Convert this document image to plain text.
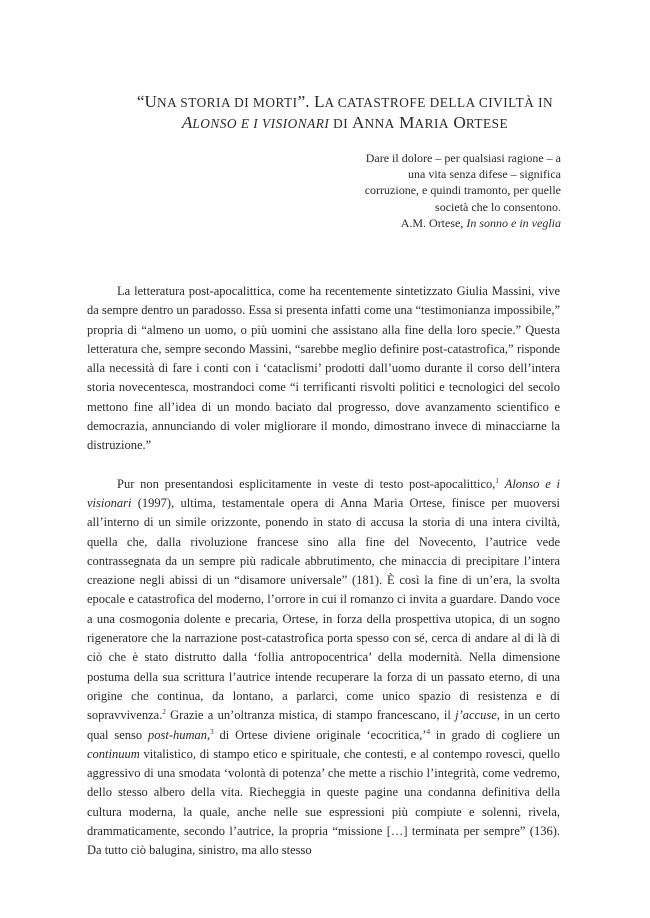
“UNA STORIA DI MORTI”. LA CATASTROFE DELLA CIVILTÀ IN
ALONSO E I VISIONARI DI ANNA MARIA ORTESE

Dare il dolore – per qualsiasi ragione – a una vita senza difese – significa corruzione, e quindi tramonto, per quelle società che lo consentono.

A.M. Ortese, In sonno e in veglia

La letteratura post-apocalittica, come ha recentemente sintetizzato Giulia Massini, vive da sempre dentro un paradosso. Essa si presenta infatti come una “testimonianza impossibile,” propria di “almeno un uomo, o più uomini che assistano alla fine della loro specie.” Questa letteratura che, sempre secondo Massini, “sarebbe meglio definire post-catastrofica,” risponde alla necessità di fare i conti con i ‘cataclismi’ prodotti dall’uomo durante il corso dell’intera storia novecentesca, mostrandoci come “i terrificanti risvolti politici e tecnologici del secolo mettono fine all’idea di un mondo baciato dal progresso, dove avanzamento scientifico e democrazia, annunciando di voler migliorare il mondo, dimostrano invece di minacciarne la distruzione.”

Pur non presentandosi esplicitamente in veste di testo post-apocalittico,$^1$ Alonso e i visionari (1997), ultima, testamentale opera di Anna Maria Ortese, finisce per muoversi all’interno di un simile orizzonte, ponendo in stato di accusa la storia di una intera civiltà, quella che, dalla rivoluzione francese sino alla fine del Novecento, l’autrice vede contrassegnata da un sempre più radicale abbrutimento, che minaccia di precipitare l’intera creazione negli abissi di un “disamore universale” (181). È così la fine di un’era, la svolta epocale e catastrofica del moderno, l’orrore in cui il romanzo ci invita a guardare. Dando voce a una cosmogonia dolente e precaria, Ortese, in forza della prospettiva utopica, di un sogno rigeneratore che la narrazione post-catastrofica porta spesso con sé, cerca di andare al di là di ciò che è stato distrutto dalla ‘follia antropocentrica’ della modernità. Nella dimensione postuma della sua scrittura l’autrice intende recuperare la forza di un passato eterno, di una origine che continua, da lontano, a parlarci, come unico spazio di resistenza e di sopravvivenza.$^2$ Grazie a un’oltranza mistica, di stampo francescano, il j’accuse, in un certo qual senso post-human,$^3$ di Ortese diviene originale ‘ecocritica,’$^4$ in grado di cogliere un continuum vitalistico, di stampo etico e spirituale, che contesti, e al contempo rovesci, quello aggressivo di una smodata ‘volontà di potenza’ che mette a rischio l’integrità, come vedremo, dello stesso albero della vita. Riecheggia in queste pagine una condanna definitiva della cultura moderna, la quale, anche nelle sue espressioni più compiute e solenni, rivela, drammaticamente, secondo l’autrice, la propria “missione […] terminata per sempre” (136). Da tutto ciò balugina, sinistro, ma allo stesso
